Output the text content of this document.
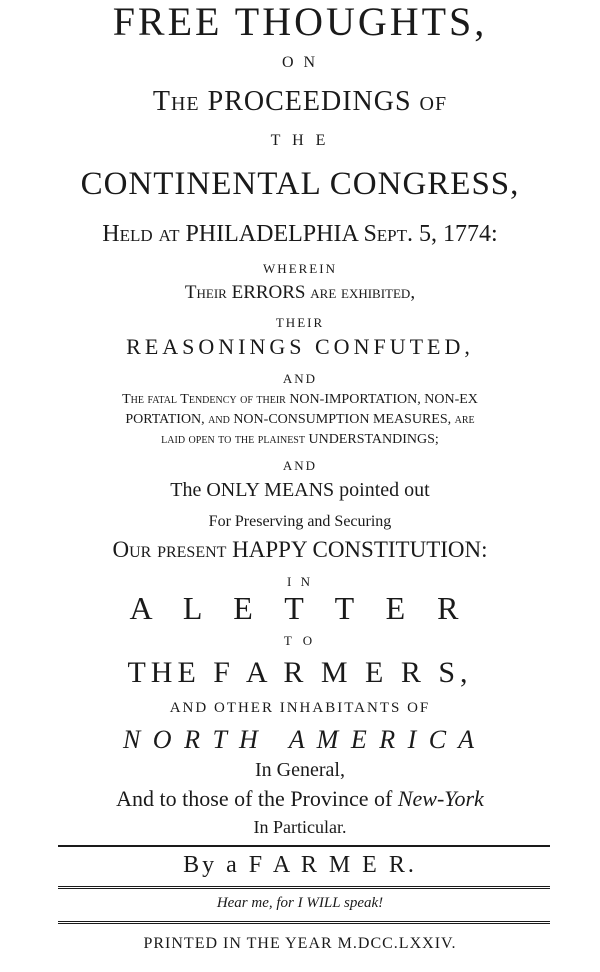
FREE THOUGHTS,
O N
The PROCEEDINGS of
T H E
CONTINENTAL CONGRESS,
Held at PHILADELPHIA Sept. 5, 1774:
WHEREIN
Their ERRORS are exhibited,
THEIR
REASONINGS CONFUTED,
AND
The fatal Tendency of their NON-IMPORTATION, NON-EX
PORTATION, and NON-CONSUMPTION MEASURES, are
laid open to the plainest UNDERSTANDINGS;
AND
The ONLY MEANS pointed out
For Preserving and Securing
Our present HAPPY CONSTITUTION:
I N
A L E T T E R
T O
THE F A R M E R S,
AND OTHER INHABITANTS OF
N O R T H   A M E R I C A
In General,
And to those of the Province of New-York
In Particular.
By a F A R M E R.
Hear me, for I WILL speak!
PRINTED IN THE YEAR M.DCC.LXXIV.
